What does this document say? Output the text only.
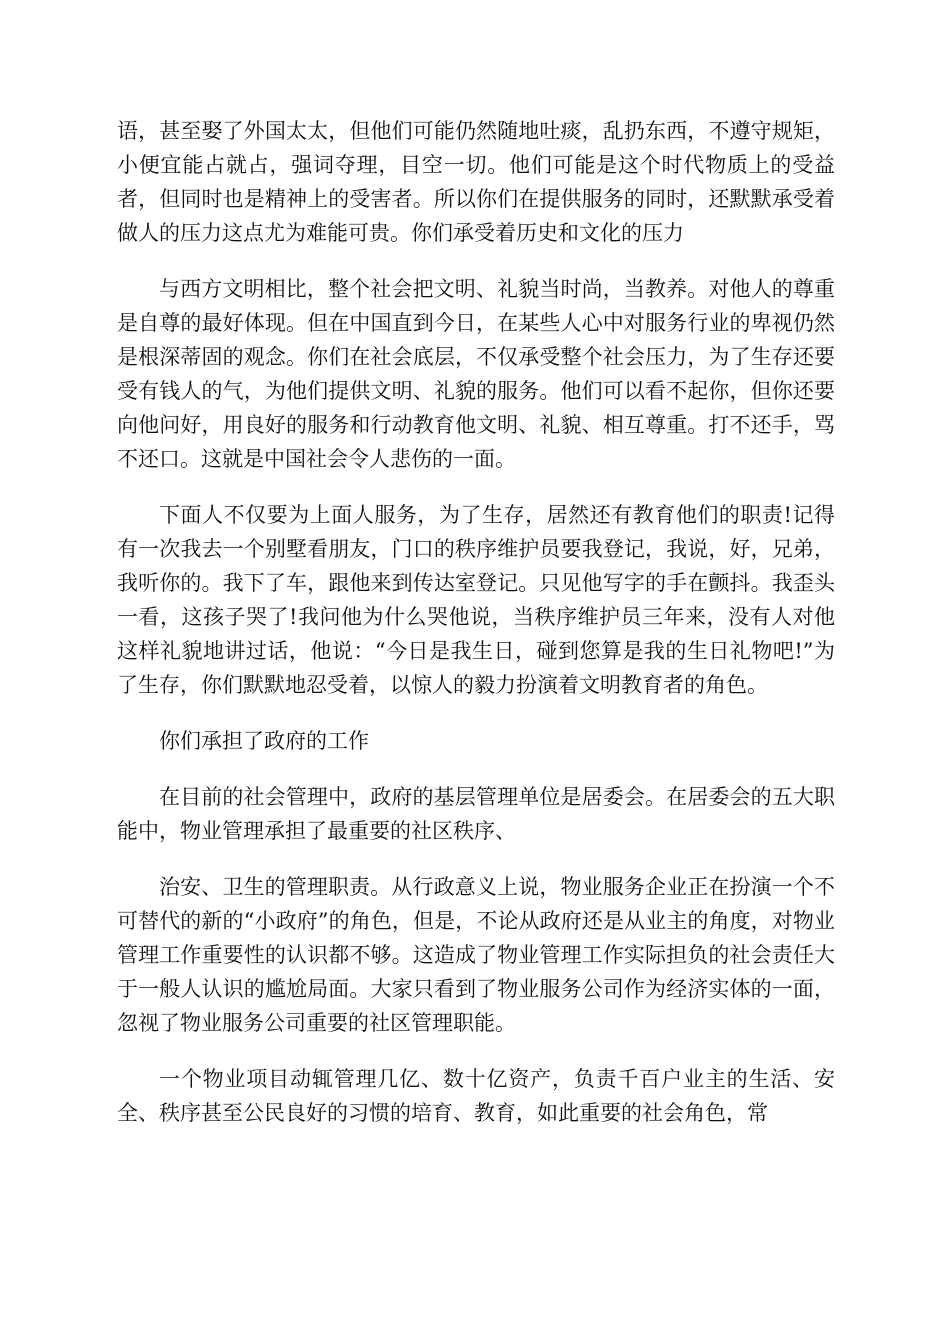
语，甚至娶了外国太太，但他们可能仍然随地吐痰，乱扔东西，不遵守规矩，小便宜能占就占，强词夺理，目空一切。他们可能是这个时代物质上的受益者，但同时也是精神上的受害者。所以你们在提供服务的同时，还默默承受着做人的压力这点尤为难能可贵。你们承受着历史和文化的压力

与西方文明相比，整个社会把文明、礼貌当时尚，当教养。对他人的尊重是自尊的最好体现。但在中国直到今日，在某些人心中对服务行业的卑视仍然是根深蒂固的观念。你们在社会底层，不仅承受整个社会压力，为了生存还要受有钱人的气，为他们提供文明、礼貌的服务。他们可以看不起你，但你还要向他问好，用良好的服务和行动教育他文明、礼貌、相互尊重。打不还手，骂不还口。这就是中国社会令人悲伤的一面。

下面人不仅要为上面人服务，为了生存，居然还有教育他们的职责!记得有一次我去一个别墅看朋友，门口的秩序维护员要我登记，我说，好，兄弟，我听你的。我下了车，跟他来到传达室登记。只见他写字的手在颤抖。我歪头一看，这孩子哭了!我问他为什么哭他说，当秩序维护员三年来，没有人对他这样礼貌地讲过话，他说：“今日是我生日，碰到您算是我的生日礼物吧!”为了生存，你们默默地忍受着，以惊人的毅力扮演着文明教育者的角色。

你们承担了政府的工作

在目前的社会管理中，政府的基层管理单位是居委会。在居委会的五大职能中，物业管理承担了最重要的社区秩序、

治安、卫生的管理职责。从行政意义上说，物业服务企业正在扮演一个不可替代的新的“小政府”的角色，但是，不论从政府还是从业主的角度，对物业管理工作重要性的认识都不够。这造成了物业管理工作实际担负的社会责任大于一般人认识的尴尬局面。大家只看到了物业服务公司作为经济实体的一面，忽视了物业服务公司重要的社区管理职能。

一个物业项目动辄管理几亿、数十亿资产，负责千百户业主的生活、安全、秩序甚至公民良好的习惯的培育、教育，如此重要的社会角色，常
